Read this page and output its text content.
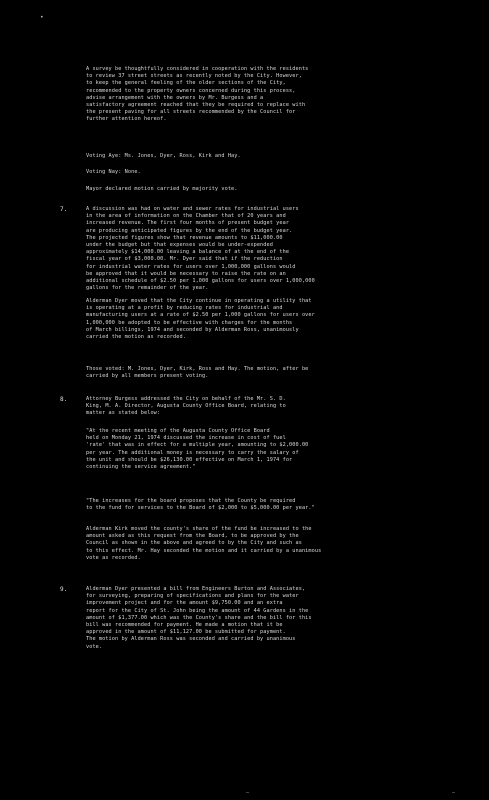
•
A survey be thoughtfully considered in cooperation with the residents
to review 37 street streets as recently noted by the City. However,
to keep the general feeling of the older sections of the City,
recommended to the property owners concerned during this process,
advise arrangement with the owners by Mr. Burgess and a
satisfactory agreement reached that they be required to replace with
the present paving for all streets recommended by the Council for
further attention hereof.
Voting Aye: Ms. Jones, Dyer, Ross, Kirk and Hay.
Voting Nay: None.
Mayor declared motion carried by majority vote.
7.	A discussion was had on water and sewer rates for industrial users
in the area of information on the Chamber that of 20 years and
increased revenue. The first four months of present budget year
are producing anticipated figures by the end of the budget year.
The projected figures show that revenue amounts to $11,000.00
under the budget but that expenses would be under-expended
approximately $14,000.00 leaving a balance of at the end of the
fiscal year of $3,000.00. Mr. Dyer said that if the reduction
for industrial water rates for users over 1,000,000 gallons would
be approved that it would be necessary to raise the rate on an
additional schedule of $2.50 per 1,000 gallons for users over 1,000,000
gallons for the remainder of the year.
Alderman Dyer moved that the City continue in operating a utility that
is operating at a profit by reducing rates for industrial and
manufacturing users at a rate of $2.50 per 1,000 gallons for users over
1,000,000 be adopted to be effective with charges for the months
of March billings, 1974 and seconded by Alderman Ross, unanimously
carried the motion as recorded.
Those voted: M. Jones, Dyer, Kirk, Ross and Hay. The motion, after be
carried by all members present voting.
8.	Attorney Burgess addressed the City on behalf of the Mr. S. D.
King, M. A. Director, Augusta County Office Board, relating to
matter as stated below:
"At the recent meeting of the Augusta County Office Board
held on Monday 21, 1974 discussed the increase in cost of fuel
'rate' that was in effect for a multiple year, amounting to $2,000.00
per year. The additional money is necessary to carry the salary of
the unit and should be $26,130.00 effective on March 1, 1974 for
continuing the service agreement."
"The increases for the board proposes that the County be required
to the fund for services to the Board of $2,000 to $5,000.00 per year."
Alderman Kirk moved the county's share of the fund be increased to the
amount asked as this request from the Board, to be approved by the
Council as shown in the above and agreed to by the City and such as
to this effect. Mr. Hay seconded the motion and it carried by a unanimous
vote as recorded.
9.	Alderman Dyer presented a bill from Engineers Burton and Associates,
for surveying, preparing of specifications and plans for the water
improvement project and for the amount $9,750.00 and an extra
report for the City of St. John being the amount of 44 Gardens in the
amount of $1,377.00 which was the County's share and the bill for this
bill was recommended for payment. He made a motion that it be
approved in the amount of $11,127.00 be submitted for payment.
The motion by Alderman Ross was seconded and carried by unanimous
vote.
—	—
